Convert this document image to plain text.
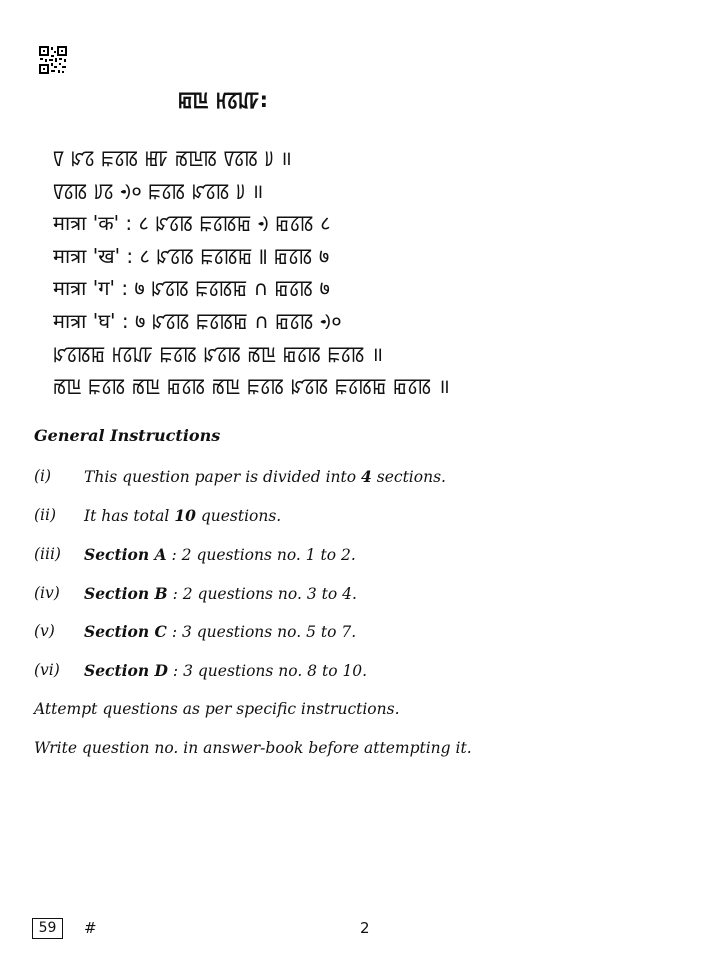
ꡂꡖ ꡘꡞꡊꡠ:
ꡧ ꡜꡞ ꡀꡞꡋ ꡅꡠ ꡏꡖꡋ ꡧꡞꡋ ꡨ ॥
ꡧꡞꡋ ꡨꡞ ꡳ० ꡀꡞꡋ ꡜꡞꡋ ꡨ ॥
मात्रा 'क' : ८ ꡜꡞꡋ ꡀꡞꡋꡂ ꡳ ꡂꡞꡋ ८
मात्रा 'ख' : ८ ꡜꡞꡋ ꡀꡞꡋꡂ ꡷ ꡂꡞꡋ ७
मात्रा 'ग' : ७ ꡜꡞꡋ ꡀꡞꡋꡂ ∩ ꡂꡞꡋ ७
मात्रा 'घ' : ७ ꡜꡞꡋ ꡀꡞꡋꡂ ∩ ꡂꡞꡋ ꡳ०
ꡜꡞꡋꡂ ꡘꡞꡊꡠ ꡀꡞꡋ ꡜꡞꡋ ꡏꡖ ꡂꡞꡋ ꡀꡞꡋ ॥
ꡏꡖ ꡀꡞꡋ ꡏꡖ ꡂꡞꡋ ꡏꡖ ꡀꡞꡋ ꡜꡞꡋ ꡀꡞꡋꡂ ꡂꡞꡋ ॥
General Instructions
(i) This question paper is divided into 4 sections.
(ii) It has total 10 questions.
(iii) Section A : 2 questions no. 1 to 2.
(iv) Section B : 2 questions no. 3 to 4.
(v) Section C : 3 questions no. 5 to 7.
(vi) Section D : 3 questions no. 8 to 10.
Attempt questions as per specific instructions.
Write question no. in answer-book before attempting it.
59	#	2
